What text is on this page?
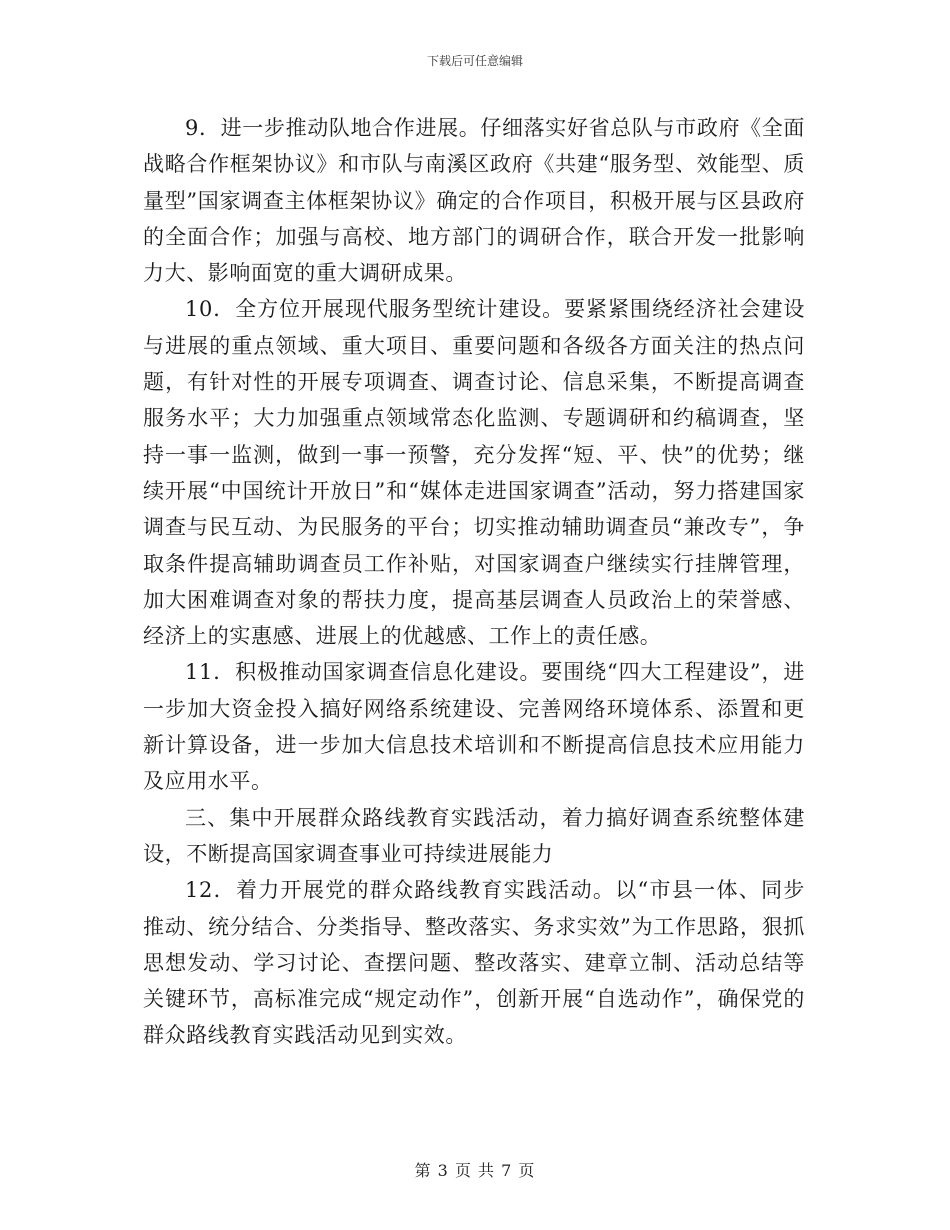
下载后可任意编辑

9．进一步推动队地合作进展。仔细落实好省总队与市政府《全面战略合作框架协议》和市队与南溪区政府《共建“服务型、效能型、质量型”国家调查主体框架协议》确定的合作项目，积极开展与区县政府的全面合作；加强与高校、地方部门的调研合作，联合开发一批影响力大、影响面宽的重大调研成果。

10．全方位开展现代服务型统计建设。要紧紧围绕经济社会建设与进展的重点领域、重大项目、重要问题和各级各方面关注的热点问题，有针对性的开展专项调查、调查讨论、信息采集，不断提高调查服务水平；大力加强重点领域常态化监测、专题调研和约稿调查，坚持一事一监测，做到一事一预警，充分发挥“短、平、快”的优势；继续开展“中国统计开放日”和“媒体走进国家调查”活动，努力搭建国家调查与民互动、为民服务的平台；切实推动辅助调查员“兼改专”，争取条件提高辅助调查员工作补贴，对国家调查户继续实行挂牌管理，加大困难调查对象的帮扶力度，提高基层调查人员政治上的荣誉感、经济上的实惠感、进展上的优越感、工作上的责任感。

11．积极推动国家调查信息化建设。要围绕“四大工程建设”，进一步加大资金投入搞好网络系统建设、完善网络环境体系、添置和更新计算设备，进一步加大信息技术培训和不断提高信息技术应用能力及应用水平。

三、集中开展群众路线教育实践活动，着力搞好调查系统整体建设，不断提高国家调查事业可持续进展能力

12．着力开展党的群众路线教育实践活动。以“市县一体、同步推动、统分结合、分类指导、整改落实、务求实效”为工作思路，狠抓思想发动、学习讨论、查摆问题、整改落实、建章立制、活动总结等关键环节，高标准完成“规定动作”，创新开展“自选动作”，确保党的群众路线教育实践活动见到实效。

第 3 页 共 7 页
